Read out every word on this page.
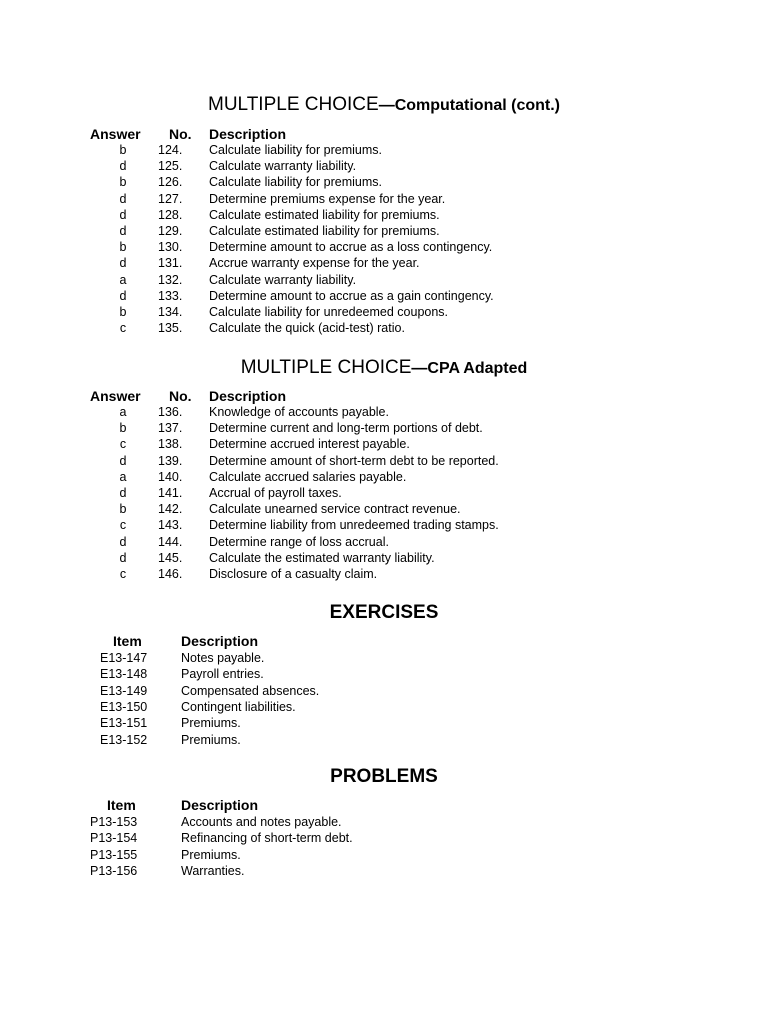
MULTIPLE CHOICE—Computational (cont.)
Answer No. Description
b	124. Calculate liability for premiums.
d	125. Calculate warranty liability.
b	126. Calculate liability for premiums.
d	127. Determine premiums expense for the year.
d	128. Calculate estimated liability for premiums.
d	129. Calculate estimated liability for premiums.
b	130. Determine amount to accrue as a loss contingency.
d	131. Accrue warranty expense for the year.
a	132. Calculate warranty liability.
d	133. Determine amount to accrue as a gain contingency.
b	134. Calculate liability for unredeemed coupons.
c	135. Calculate the quick (acid-test) ratio.
MULTIPLE CHOICE—CPA Adapted
Answer No. Description
a	136. Knowledge of accounts payable.
b	137. Determine current and long-term portions of debt.
c	138. Determine accrued interest payable.
d	139. Determine amount of short-term debt to be reported.
a	140. Calculate accrued salaries payable.
d	141. Accrual of payroll taxes.
b	142. Calculate unearned service contract revenue.
c	143. Determine liability from unredeemed trading stamps.
d	144. Determine range of loss accrual.
d	145. Calculate the estimated warranty liability.
c	146. Disclosure of a casualty claim.
EXERCISES
Item	Description
E13-147	Notes payable.
E13-148	Payroll entries.
E13-149	Compensated absences.
E13-150	Contingent liabilities.
E13-151	Premiums.
E13-152	Premiums.
PROBLEMS
Item	Description
P13-153	Accounts and notes payable.
P13-154	Refinancing of short-term debt.
P13-155	Premiums.
P13-156	Warranties.
